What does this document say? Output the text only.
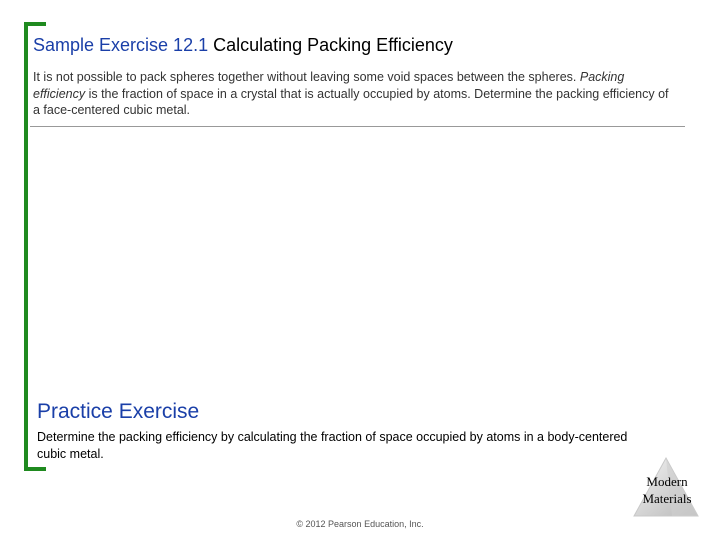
Sample Exercise 12.1 Calculating Packing Efficiency
It is not possible to pack spheres together without leaving some void spaces between the spheres. Packing efficiency is the fraction of space in a crystal that is actually occupied by atoms. Determine the packing efficiency of a face-centered cubic metal.
Practice Exercise
Determine the packing efficiency by calculating the fraction of space occupied by atoms in a body-centered cubic metal.
Modern
Materials
© 2012 Pearson Education, Inc.
